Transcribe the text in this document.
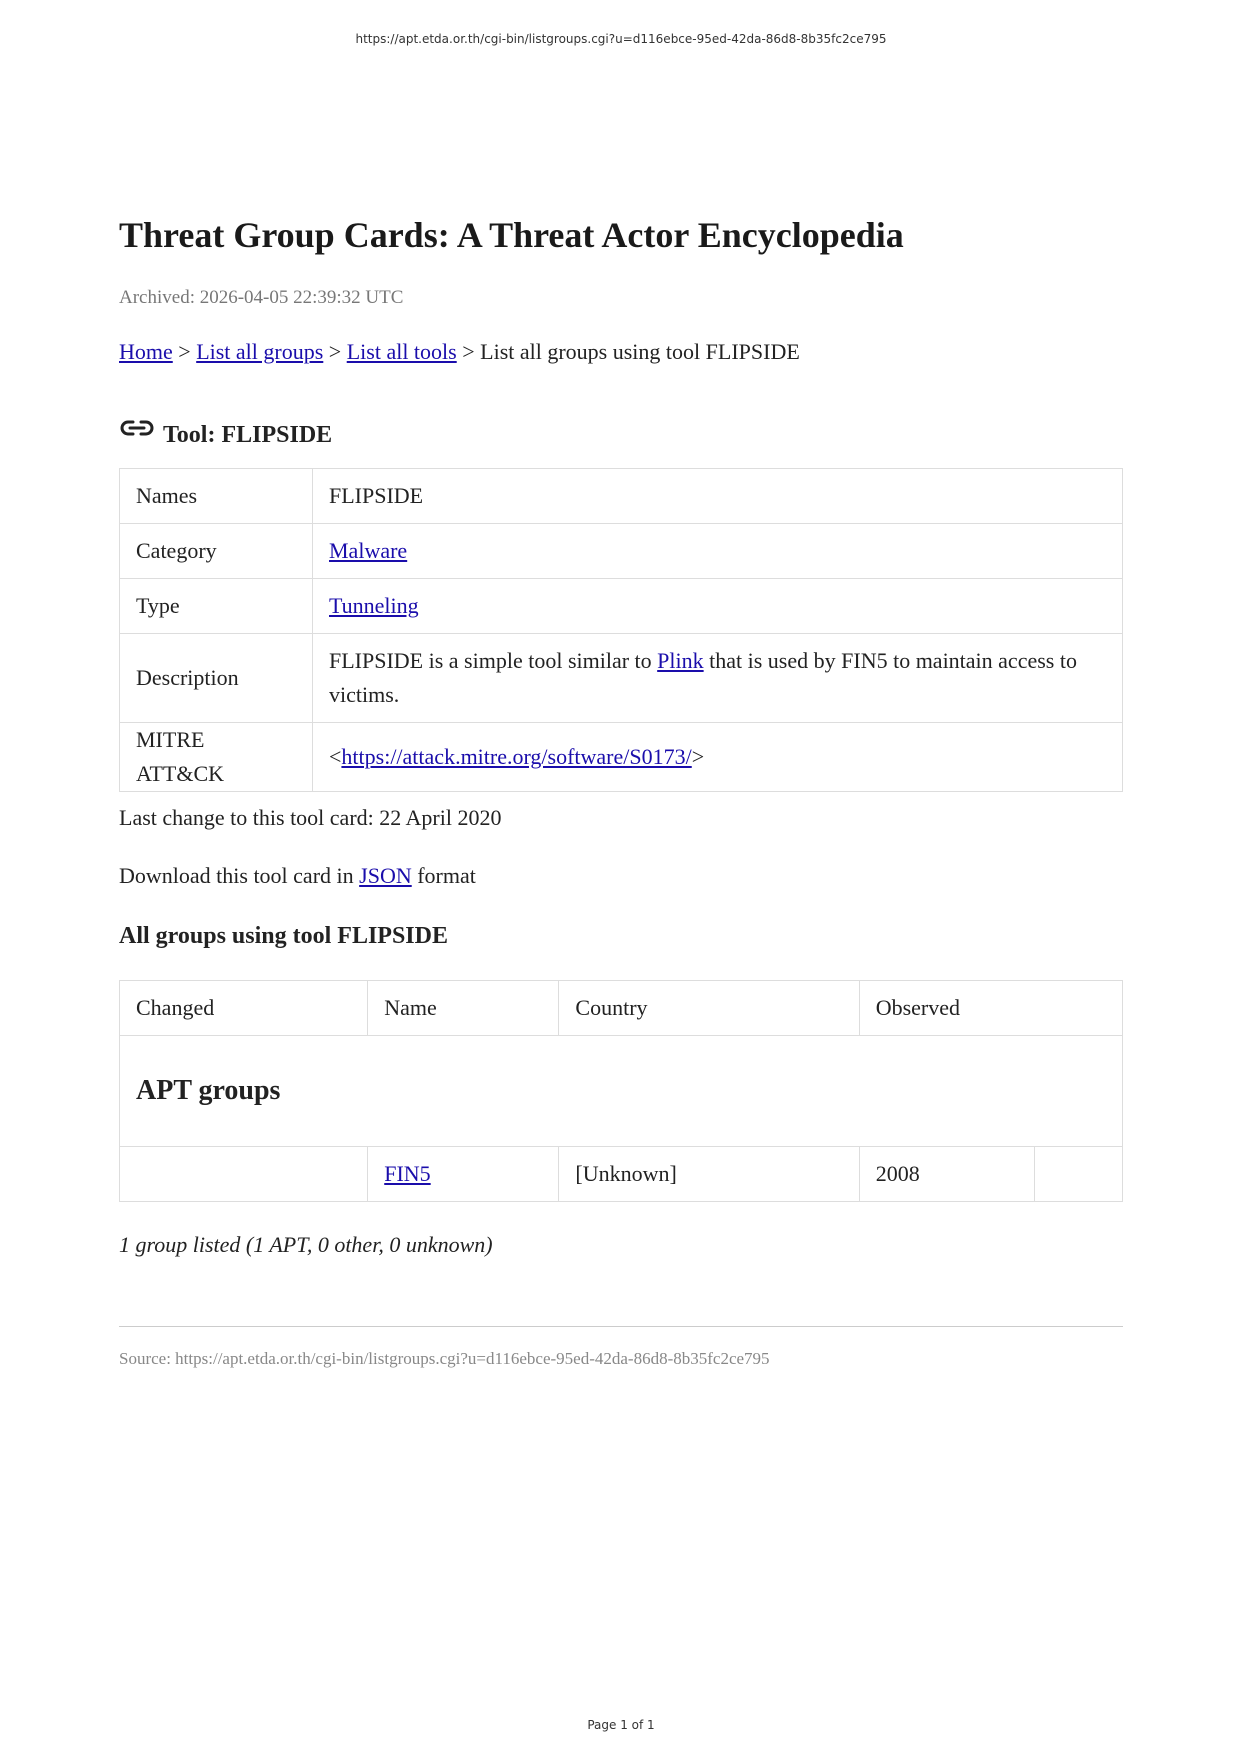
https://apt.etda.or.th/cgi-bin/listgroups.cgi?u=d116ebce-95ed-42da-86d8-8b35fc2ce795
Threat Group Cards: A Threat Actor Encyclopedia
Archived: 2026-04-05 22:39:32 UTC
Home > List all groups > List all tools > List all groups using tool FLIPSIDE
Tool: FLIPSIDE
Names	FLIPSIDE
Category	Malware
Type	Tunneling
Description	FLIPSIDE is a simple tool similar to Plink that is used by FIN5 to maintain access to victims.
MITRE ATT&CK	<https://attack.mitre.org/software/S0173/>
Last change to this tool card: 22 April 2020
Download this tool card in JSON format
All groups using tool FLIPSIDE
Changed	Name	Country	Observed	
APT groups				
	FIN5	[Unknown]	2008	
1 group listed (1 APT, 0 other, 0 unknown)
Source: https://apt.etda.or.th/cgi-bin/listgroups.cgi?u=d116ebce-95ed-42da-86d8-8b35fc2ce795
Page 1 of 1
